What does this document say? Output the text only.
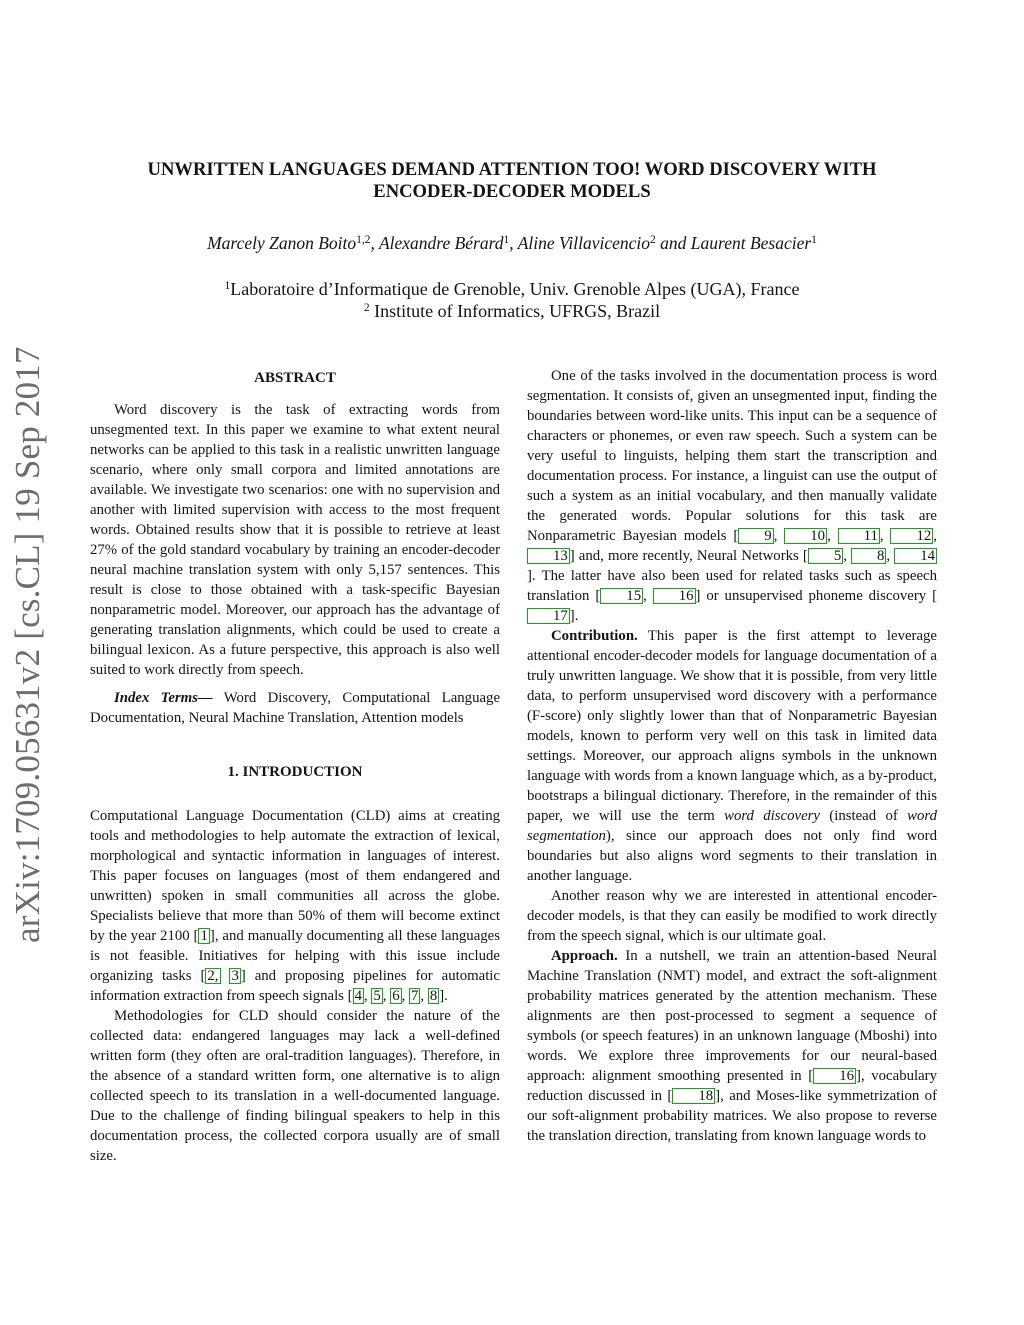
arXiv:1709.05631v2 [cs.CL] 19 Sep 2017
UNWRITTEN LANGUAGES DEMAND ATTENTION TOO! WORD DISCOVERY WITH ENCODER-DECODER MODELS

Marcely Zanon Boito$^{1,2}$, Alexandre Bérard$^1$, Aline Villavicencio$^2$ and Laurent Besacier$^1$

$^1$Laboratoire d’Informatique de Grenoble, Univ. Grenoble Alpes (UGA), France

$^2$ Institute of Informatics, UFRGS, Brazil

ABSTRACT

Word discovery is the task of extracting words from unsegmented text. In this paper we examine to what extent neural networks can be applied to this task in a realistic unwritten language scenario, where only small corpora and limited annotations are available. We investigate two scenarios: one with no supervision and another with limited supervision with access to the most frequent words. Obtained results show that it is possible to retrieve at least 27% of the gold standard vocabulary by training an encoder-decoder neural machine translation system with only 5,157 sentences. This result is close to those obtained with a task-specific Bayesian nonparametric model. Moreover, our approach has the advantage of generating translation alignments, which could be used to create a bilingual lexicon. As a future perspective, this approach is also well suited to work directly from speech.

Index Terms— Word Discovery, Computational Language Documentation, Neural Machine Translation, Attention models

1. INTRODUCTION

Computational Language Documentation (CLD) aims at creating tools and methodologies to help automate the extraction of lexical, morphological and syntactic information in languages of interest. This paper focuses on languages (most of them endangered and unwritten) spoken in small communities all across the globe. Specialists believe that more than 50% of them will become extinct by the year 2100 [ 1 ], and manually documenting all these languages is not feasible. Initiatives for helping with this issue include organizing tasks [ 2, 3 ] and proposing pipelines for automatic information extraction from speech signals [ 4 , 5 , 6 , 7 , 8 ].

Methodologies for CLD should consider the nature of the collected data: endangered languages may lack a well-defined written form (they often are oral-tradition languages). Therefore, in the absence of a standard written form, one alternative is to align collected speech to its translation in a well-documented language. Due to the challenge of finding bilingual speakers to help in this documentation process, the collected corpora usually are of small size.

One of the tasks involved in the documentation process is word segmentation. It consists of, given an unsegmented input, finding the boundaries between word-like units. This input can be a sequence of characters or phonemes, or even raw speech. Such a system can be very useful to linguists, helping them start the transcription and documentation process. For instance, a linguist can use the output of such a system as an initial vocabulary, and then manually validate the generated words. Popular solutions for this task are Nonparametric Bayesian models [ 9 , 10 , 11 , 12 , 13 ] and, more recently, Neural Networks [ 5 , 8 , 14]. The latter have also been used for related tasks such as speech translation [ 15 , 16 ] or unsupervised phoneme discovery [17 ].

Contribution. This paper is the first attempt to leverage attentional encoder-decoder models for language documentation of a truly unwritten language. We show that it is possible, from very little data, to perform unsupervised word discovery with a performance (F-score) only slightly lower than that of Nonparametric Bayesian models, known to perform very well on this task in limited data settings. Moreover, our approach aligns symbols in the unknown language with words from a known language which, as a by-product, bootstraps a bilingual dictionary. Therefore, in the remainder of this paper, we will use the term word discovery (instead of word segmentation), since our approach does not only find word boundaries but also aligns word segments to their translation in another language.

Another reason why we are interested in attentional encoder-decoder models, is that they can easily be modified to work directly from the speech signal, which is our ultimate goal.

Approach. In a nutshell, we train an attention-based Neural Machine Translation (NMT) model, and extract the soft-alignment probability matrices generated by the attention mechanism. These alignments are then post-processed to segment a sequence of symbols (or speech features) in an unknown language (Mboshi) into words. We explore three improvements for our neural-based approach: alignment smoothing presented in [ 16 ], vocabulary reduction discussed in [ 18 ], and Moses-like symmetrization of our soft-alignment probability matrices. We also propose to reverse the translation direction, translating from known language words to
